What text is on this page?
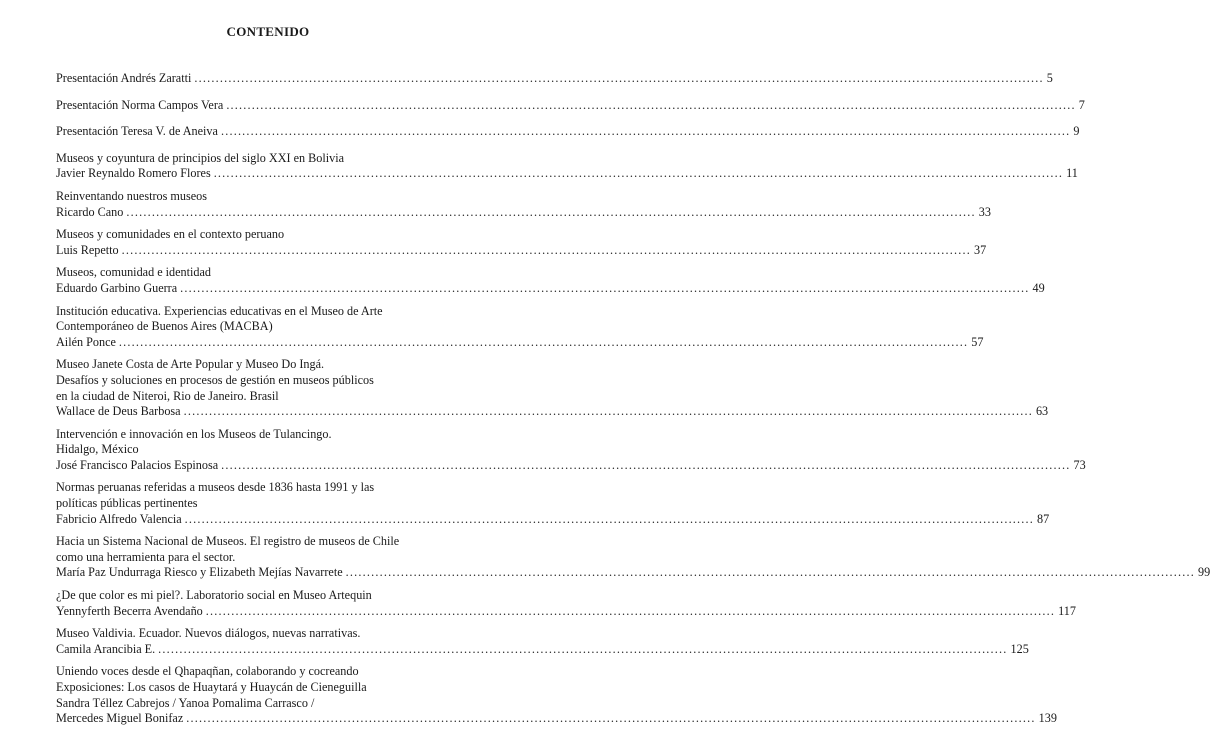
CONTENIDO
Presentación Andrés Zaratti ........................................................................................................................................................................................................ 5
Presentación Norma Campos Vera ........................................................................................................................................................................................................ 7
Presentación Teresa V. de Aneiva ........................................................................................................................................................................................................ 9
Museos y coyuntura de principios del siglo XXI en Bolivia
Javier Reynaldo Romero Flores ........................................................................................................................................................................................................ 11
Reinventando nuestros museos
Ricardo Cano ........................................................................................................................................................................................................ 33
Museos y comunidades en el contexto peruano
Luis Repetto ........................................................................................................................................................................................................ 37
Museos, comunidad e identidad
Eduardo Garbino Guerra ........................................................................................................................................................................................................ 49
Institución educativa. Experiencias educativas en el Museo de Arte
Contemporáneo de Buenos Aires (MACBA)
Ailén Ponce ........................................................................................................................................................................................................ 57
Museo Janete Costa de Arte Popular y Museo Do Ingá.
Desafíos y soluciones en procesos de gestión en museos públicos
en la ciudad de Niteroi, Rio de Janeiro. Brasil
Wallace de Deus Barbosa ........................................................................................................................................................................................................ 63
Intervención e innovación en los Museos de Tulancingo.
Hidalgo, México
José Francisco Palacios Espinosa ........................................................................................................................................................................................................ 73
Normas peruanas referidas a museos desde 1836 hasta 1991 y las
políticas públicas pertinentes
Fabricio Alfredo Valencia ........................................................................................................................................................................................................ 87
Hacia un Sistema Nacional de Museos. El registro de museos de Chile
como una herramienta para el sector.
María Paz Undurraga Riesco y Elizabeth Mejías Navarrete ........................................................................................................................................................................................................ 99
¿De que color es mi piel?. Laboratorio social en Museo Artequin
Yennyferth Becerra Avendaño ........................................................................................................................................................................................................ 117
Museo Valdivia. Ecuador. Nuevos diálogos, nuevas narrativas.
Camila Arancibia E. ........................................................................................................................................................................................................ 125
Uniendo voces desde el Qhapaqñan, colaborando y cocreando
Exposiciones: Los casos de Huaytará y Huaycán de Cieneguilla
Sandra Téllez Cabrejos / Yanoa Pomalima Carrasco /
Mercedes Miguel Bonifaz ........................................................................................................................................................................................................ 139
